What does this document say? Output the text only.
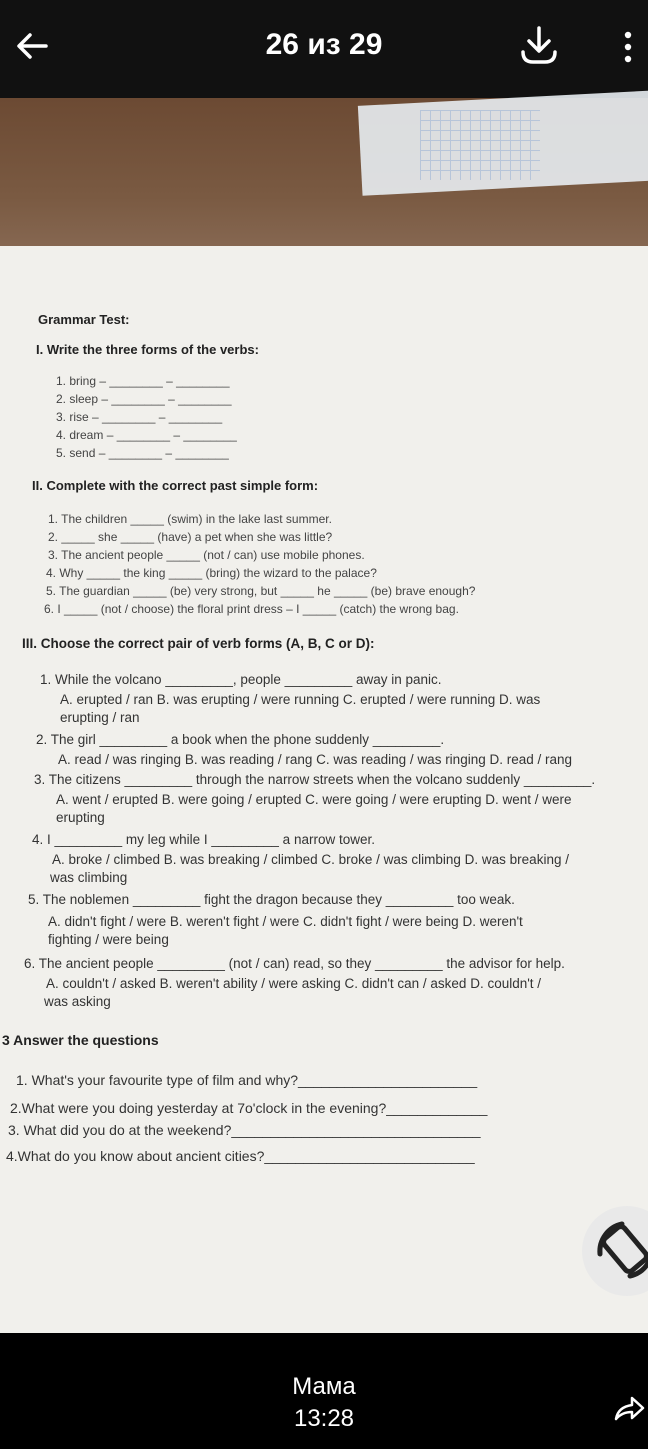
26 из 29
Grammar Test:
I. Write the three forms of the verbs:
1. bring – ________ – ________
2. sleep – ________ – ________
3. rise – ________ – ________
4. dream – ________ – ________
5. send – ________ – ________
II. Complete with the correct past simple form:
1. The children _____ (swim) in the lake last summer.
2. _____ she _____ (have) a pet when she was little?
3. The ancient people _____ (not / can) use mobile phones.
4. Why _____ the king _____ (bring) the wizard to the palace?
5. The guardian _____ (be) very strong, but _____ he _____ (be) brave enough?
6. I _____ (not / choose) the floral print dress – I _____ (catch) the wrong bag.
III. Choose the correct pair of verb forms (A, B, C or D):
1. While the volcano _________, people _________ away in panic.
A. erupted / ran B. was erupting / were running C. erupted / were running D. was
erupting / ran
2. The girl _________ a book when the phone suddenly _________.
A. read / was ringing B. was reading / rang C. was reading / was ringing D. read / rang
3. The citizens _________ through the narrow streets when the volcano suddenly _________.
A. went / erupted B. were going / erupted C. were going / were erupting D. went / were
erupting
4. I _________ my leg while I _________ a narrow tower.
A. broke / climbed B. was breaking / climbed C. broke / was climbing D. was breaking /
was climbing
5. The noblemen _________ fight the dragon because they _________ too weak.
A. didn't fight / were B. weren't fight / were C. didn't fight / were being D. weren't
fighting / were being
6. The ancient people _________ (not / can) read, so they _________ the advisor for help.
A. couldn't / asked B. weren't ability / were asking C. didn't can / asked D. couldn't /
was asking
3 Answer the questions
1. What's your favourite type of film and why?_______________________
2.What were you doing yesterday at 7o'clock in the evening?_____________
3. What did you do at the weekend?________________________________
4.What do you know about ancient cities?___________________________
Мама
13:28
